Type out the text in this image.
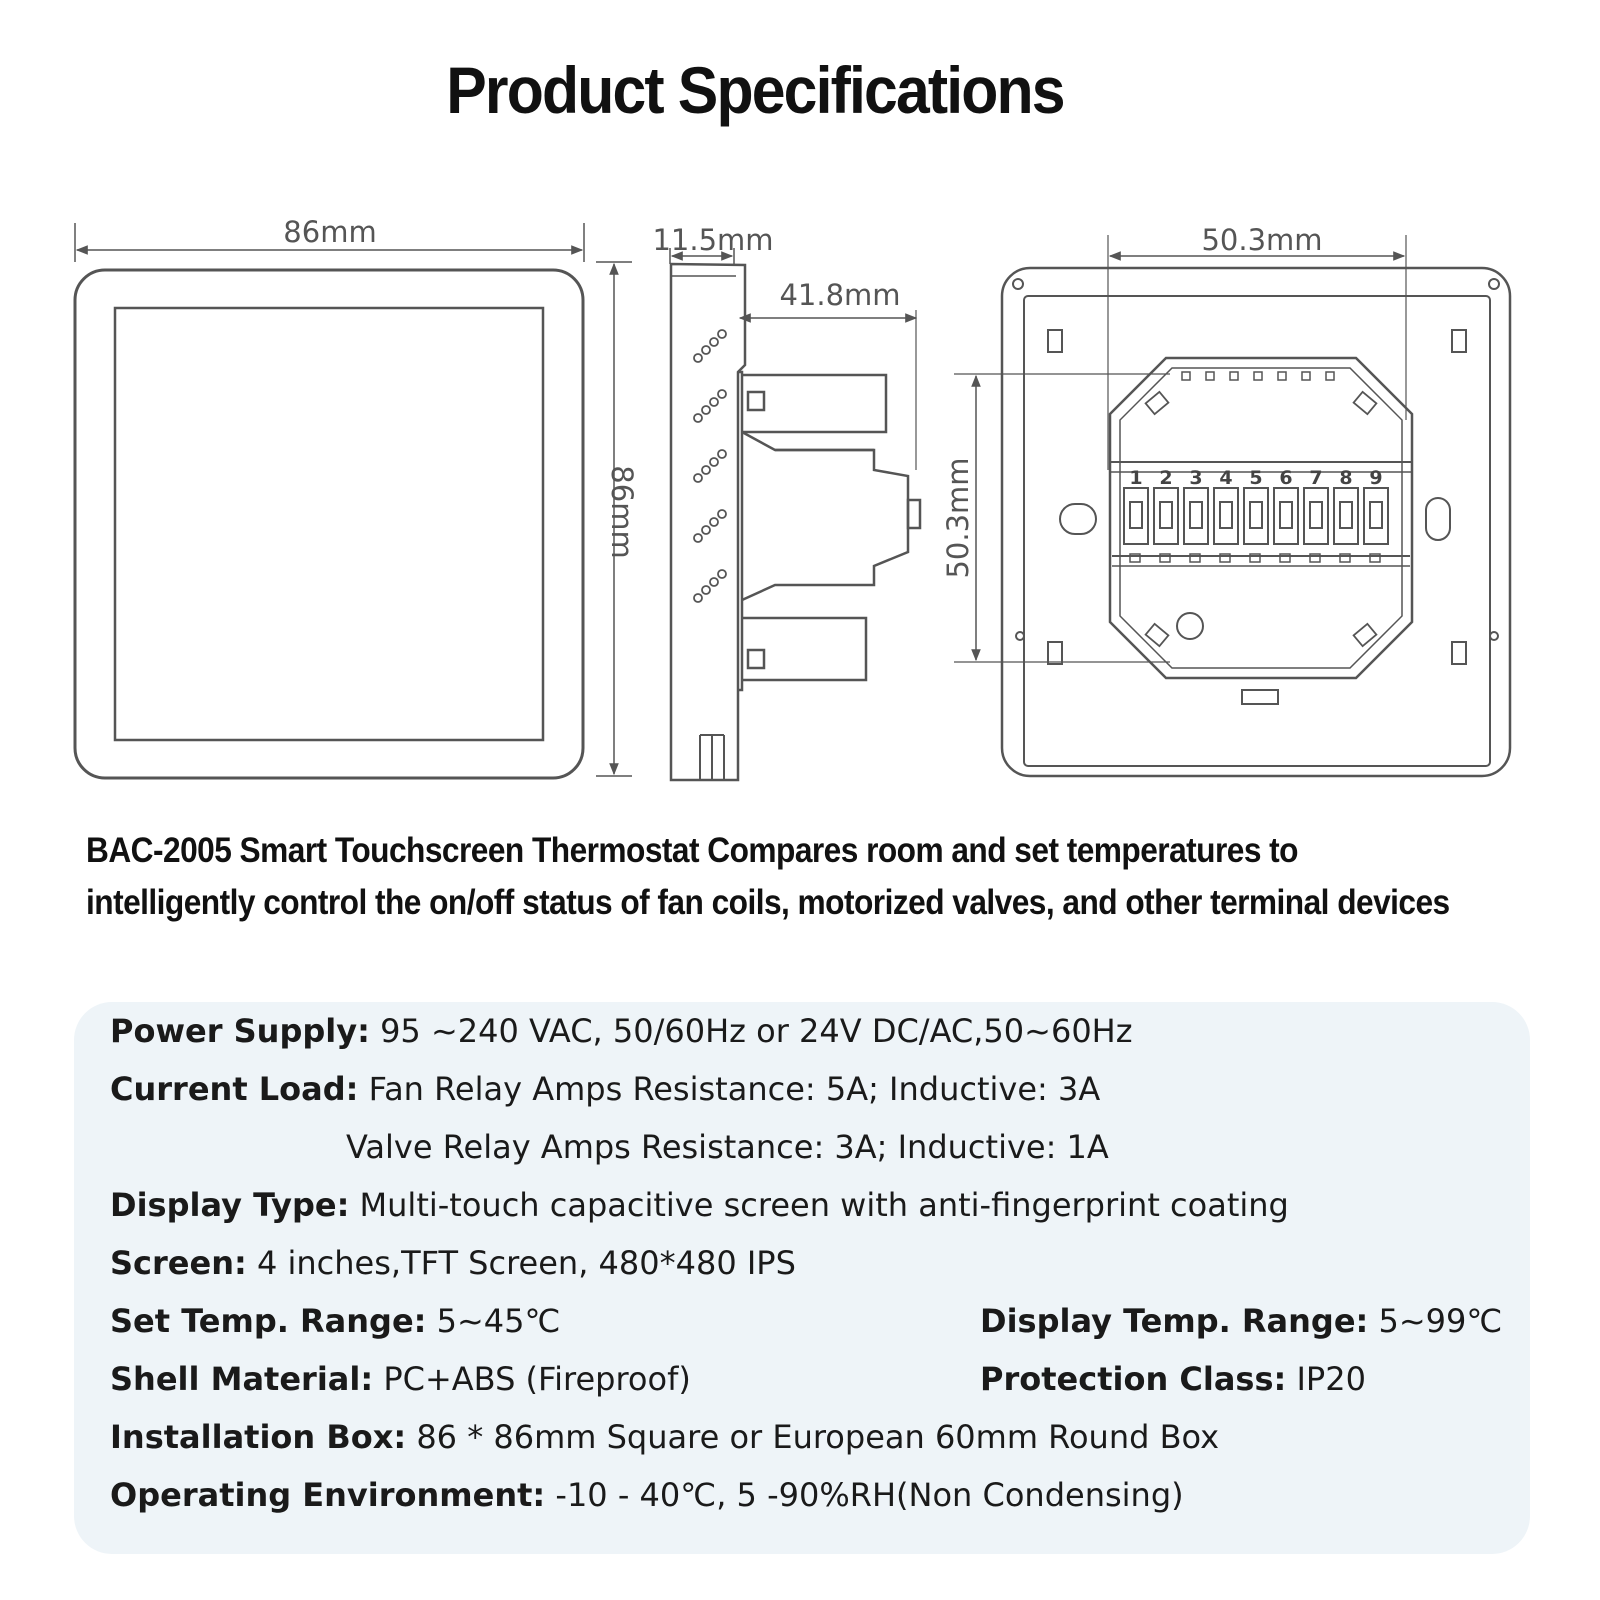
Product Specifications
86mm
86mm
11.5mm
41.8mm
50.3mm
50.3mm	1 2 3 4 5 6 7 8 9
BAC-2005 Smart Touchscreen Thermostat Compares room and set temperatures to
intelligently control the on/off status of fan coils, motorized valves, and other terminal devices
Power Supply: 95 ~240 VAC, 50/60Hz or 24V DC/AC,50~60Hz
Current Load: Fan Relay Amps Resistance: 5A; Inductive: 3A
Valve Relay Amps Resistance: 3A; Inductive: 1A
Display Type: Multi-touch capacitive screen with anti-fingerprint coating
Screen: 4 inches,TFT Screen, 480*480 IPS
Set Temp. Range: 5~45℃	Display Temp. Range: 5~99℃
Shell Material: PC+ABS (Fireproof)	Protection Class: IP20
Installation Box: 86 * 86mm Square or European 60mm Round Box
Operating Environment: -10 - 40℃, 5 -90%RH(Non Condensing)
